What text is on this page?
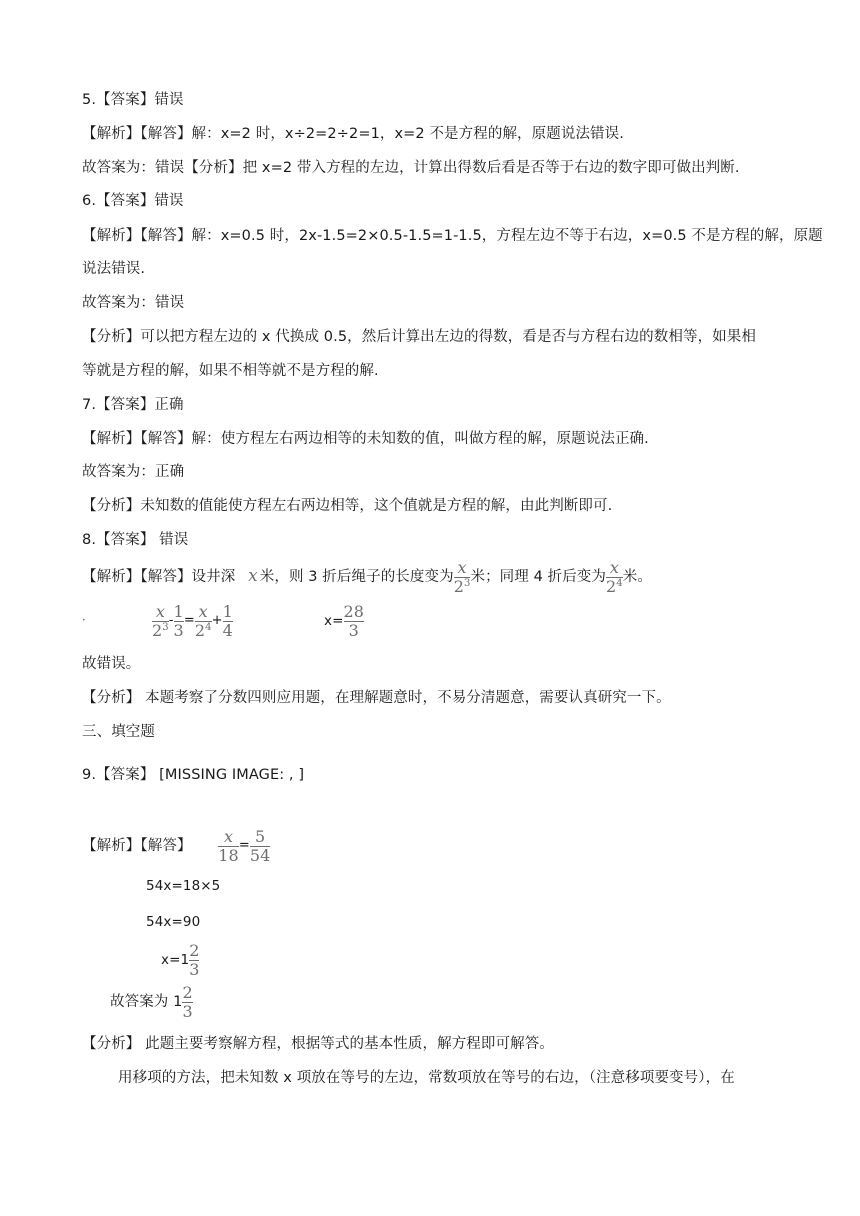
5.【答案】错误
【解析】【解答】解：x=2 时，x÷2=2÷2=1，x=2 不是方程的解，原题说法错误.
故答案为：错误【分析】把 x=2 带入方程的左边，计算出得数后看是否等于右边的数字即可做出判断.
6.【答案】错误
【解析】【解答】解：x=0.5 时，2x-1.5=2×0.5-1.5=1-1.5，方程左边不等于右边，x=0.5 不是方程的解，原题
说法错误.
故答案为：错误
【分析】可以把方程左边的 x 代换成 0.5，然后计算出左边的得数，看是否与方程右边的数相等，如果相
等就是方程的解，如果不相等就不是方程的解.
7.【答案】正确
【解析】【解答】解：使方程左右两边相等的未知数的值，叫做方程的解，原题说法正确.
故答案为：正确
【分析】未知数的值能使方程左右两边相等，这个值就是方程的解，由此判断即可.
8.【答案】 错误
【解析】【解答】设井深 x 米，则 3 折后绳子的长度变为 $\frac{x}{2^3}$ 米；同理 4 折后变为 $\frac{x}{2^4}$ 米。
•	$\frac{x}{2^3} - \frac{1}{3} = \frac{x}{2^4} + \frac{1}{4}$	$x= \frac{28}{3}$
故错误。
【分析】 本题考察了分数四则应用题，在理解题意时，不易分清题意，需要认真研究一下。
三、填空题
9.【答案】 [MISSING IMAGE: , ]
【解析】【解答】 $\frac{x}{18} = \frac{5}{54}$
54x=18×5
54x=90
$x=1 \frac{2}{3}$
故答案为 $1 \frac{2}{3}$
【分析】 此题主要考察解方程，根据等式的基本性质，解方程即可解答。
用移项的方法，把未知数 x 项放在等号的左边，常数项放在等号的右边，（注意移项要变号），在
